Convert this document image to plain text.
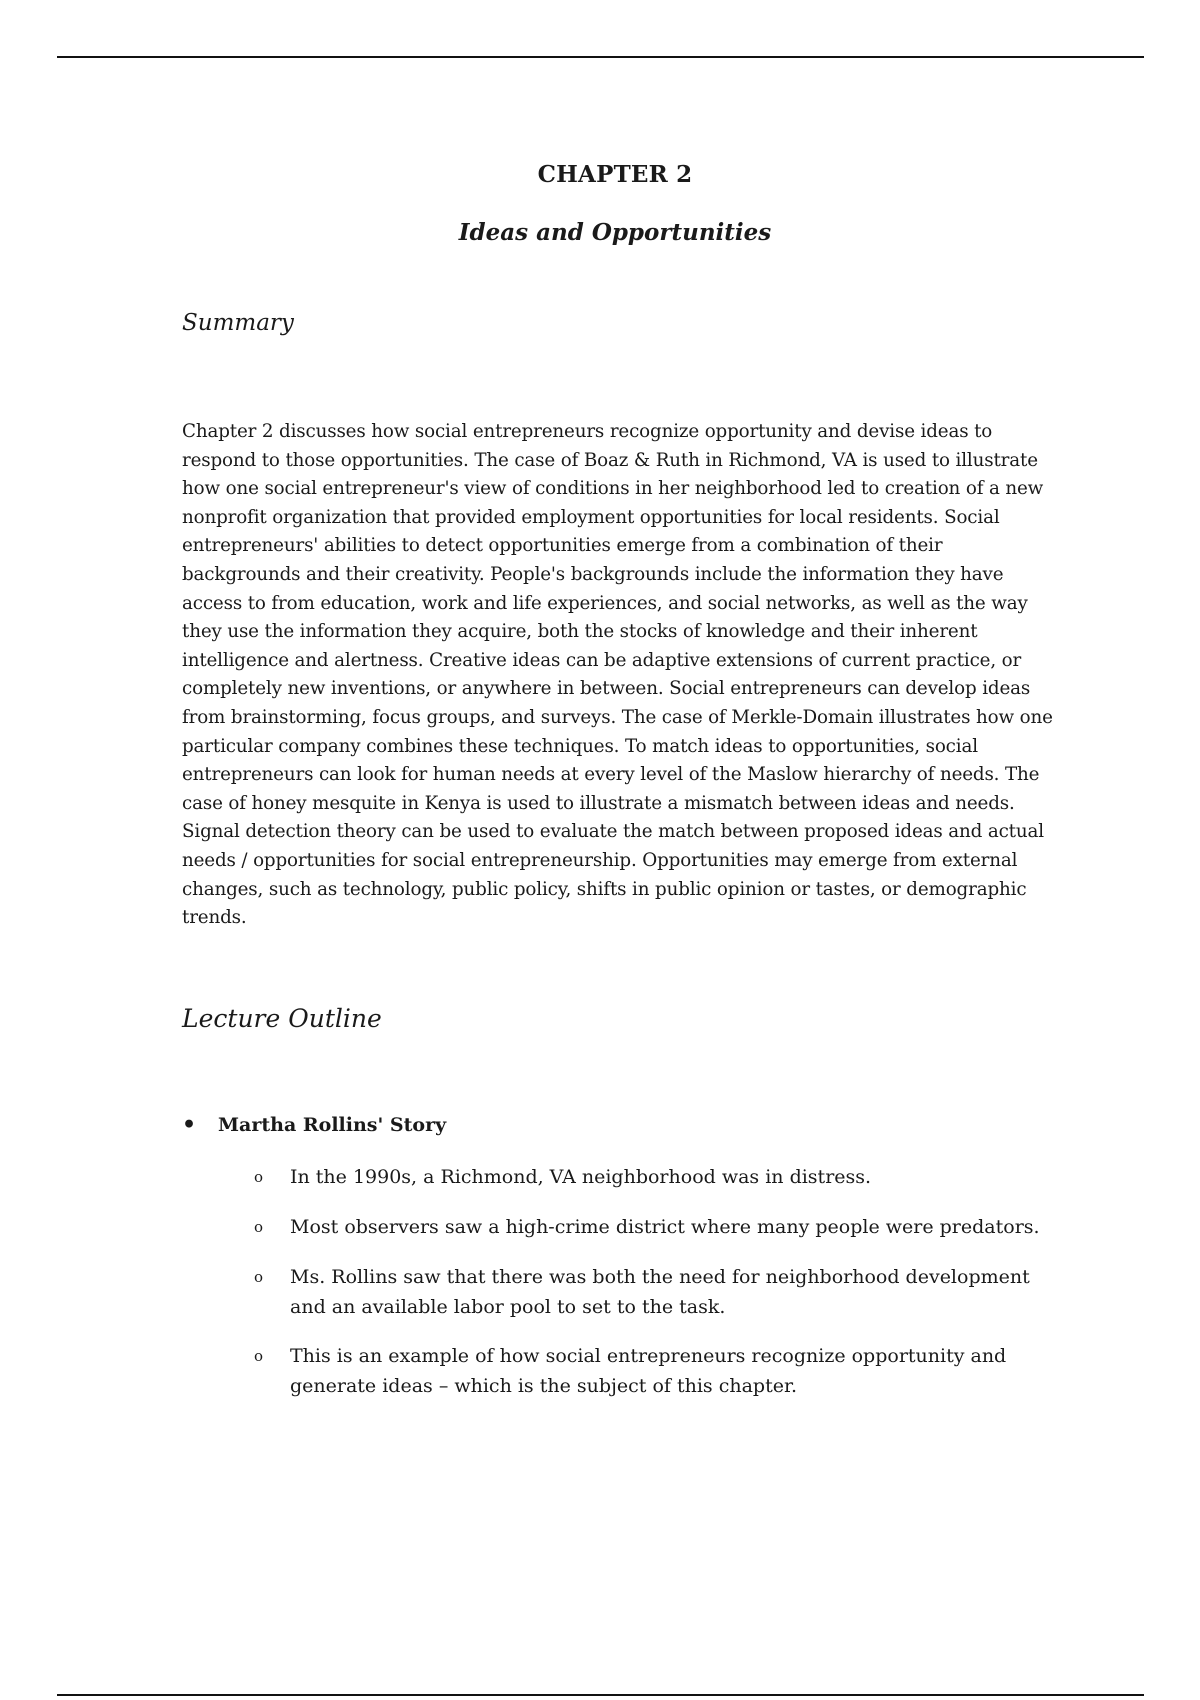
CHAPTER 2
Ideas and Opportunities
Summary

Chapter 2 discusses how social entrepreneurs recognize opportunity and devise ideas to respond to those opportunities. The case of Boaz & Ruth in Richmond, VA is used to illustrate how one social entrepreneur's view of conditions in her neighborhood led to creation of a new nonprofit organization that provided employment opportunities for local residents. Social entrepreneurs' abilities to detect opportunities emerge from a combination of their backgrounds and their creativity. People's backgrounds include the information they have access to from education, work and life experiences, and social networks, as well as the way they use the information they acquire, both the stocks of knowledge and their inherent intelligence and alertness. Creative ideas can be adaptive extensions of current practice, or completely new inventions, or anywhere in between. Social entrepreneurs can develop ideas from brainstorming, focus groups, and surveys. The case of Merkle-Domain illustrates how one particular company combines these techniques. To match ideas to opportunities, social entrepreneurs can look for human needs at every level of the Maslow hierarchy of needs. The case of honey mesquite in Kenya is used to illustrate a mismatch between ideas and needs. Signal detection theory can be used to evaluate the match between proposed ideas and actual needs / opportunities for social entrepreneurship. Opportunities may emerge from external changes, such as technology, public policy, shifts in public opinion or tastes, or demographic trends.

Lecture Outline
• Martha Rollins' Story
o In the 1990s, a Richmond, VA neighborhood was in distress.
o Most observers saw a high-crime district where many people were predators.
o Ms. Rollins saw that there was both the need for neighborhood development and an available labor pool to set to the task.
o This is an example of how social entrepreneurs recognize opportunity and generate ideas – which is the subject of this chapter.
